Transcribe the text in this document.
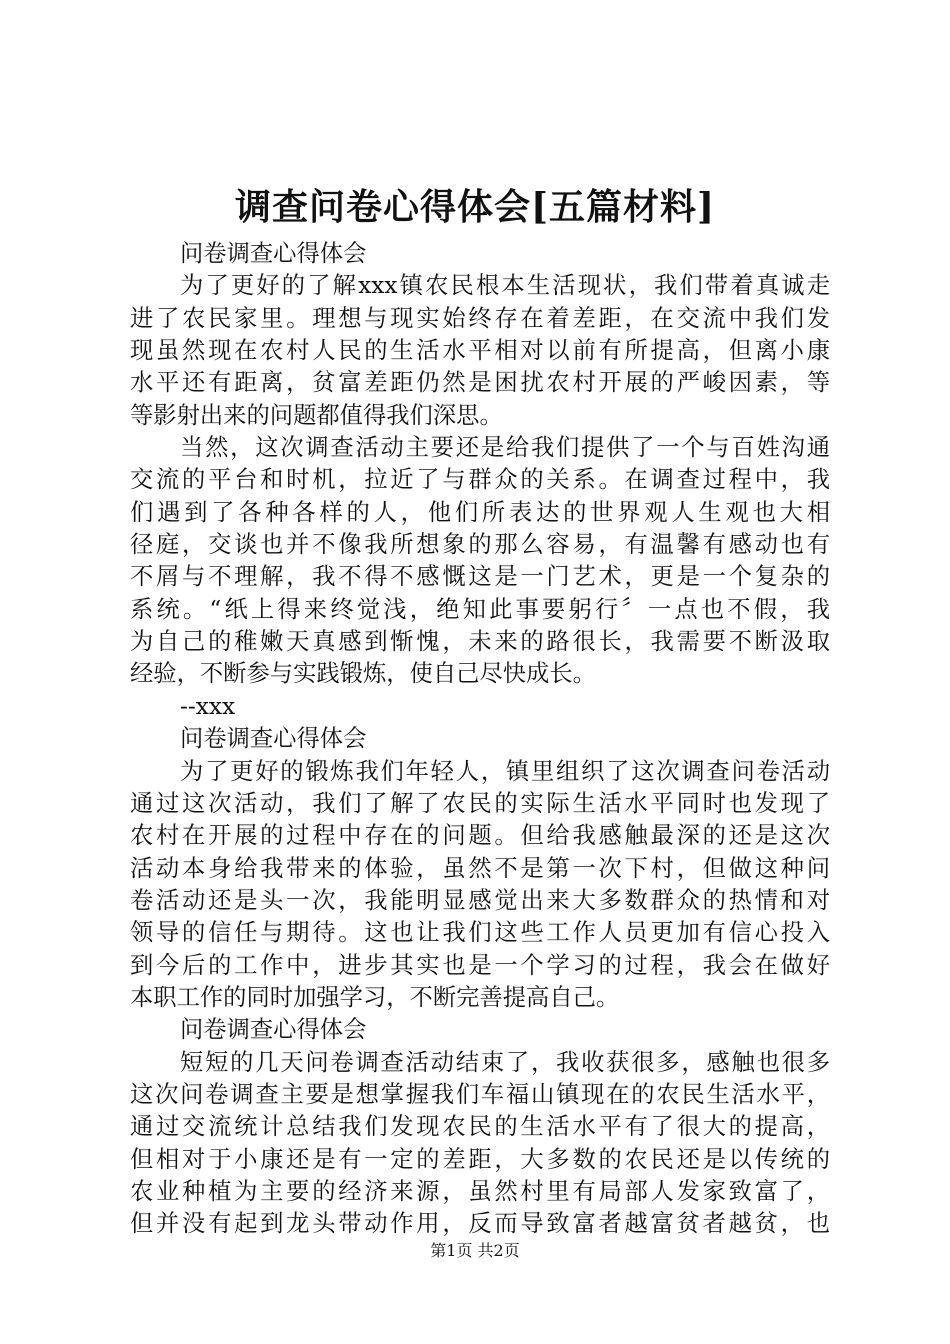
调查问卷心得体会[五篇材料]
问卷调查心得体会
为了更好的了解xxx镇农民根本生活现状，我们带着真诚走
进了农民家里。理想与现实始终存在着差距，在交流中我们发
现虽然现在农村人民的生活水平相对以前有所提高，但离小康
水平还有距离，贫富差距仍然是困扰农村开展的严峻因素，等
等影射出来的问题都值得我们深思。
当然，这次调查活动主要还是给我们提供了一个与百姓沟通
交流的平台和时机，拉近了与群众的关系。在调查过程中，我
们遇到了各种各样的人，他们所表达的世界观人生观也大相
径庭，交谈也并不像我所想象的那么容易，有温馨有感动也有
不屑与不理解，我不得不感慨这是一门艺术，更是一个复杂的
系统。“纸上得来终觉浅，绝知此事要躬行〞一点也不假，我
为自己的稚嫩天真感到惭愧，未来的路很长，我需要不断汲取
经验，不断参与实践锻炼，使自己尽快成长。
--xxx
问卷调查心得体会
为了更好的锻炼我们年轻人，镇里组织了这次调查问卷活动
通过这次活动，我们了解了农民的实际生活水平同时也发现了
农村在开展的过程中存在的问题。但给我感触最深的还是这次
活动本身给我带来的体验，虽然不是第一次下村，但做这种问
卷活动还是头一次，我能明显感觉出来大多数群众的热情和对
领导的信任与期待。这也让我们这些工作人员更加有信心投入
到今后的工作中，进步其实也是一个学习的过程，我会在做好
本职工作的同时加强学习，不断完善提高自己。
问卷调查心得体会
短短的几天问卷调查活动结束了，我收获很多，感触也很多
这次问卷调查主要是想掌握我们车福山镇现在的农民生活水平，
通过交流统计总结我们发现农民的生活水平有了很大的提高，
但相对于小康还是有一定的差距，大多数的农民还是以传统的
农业种植为主要的经济来源，虽然村里有局部人发家致富了，
但并没有起到龙头带动作用，反而导致富者越富贫者越贫，也
第1页 共2页
